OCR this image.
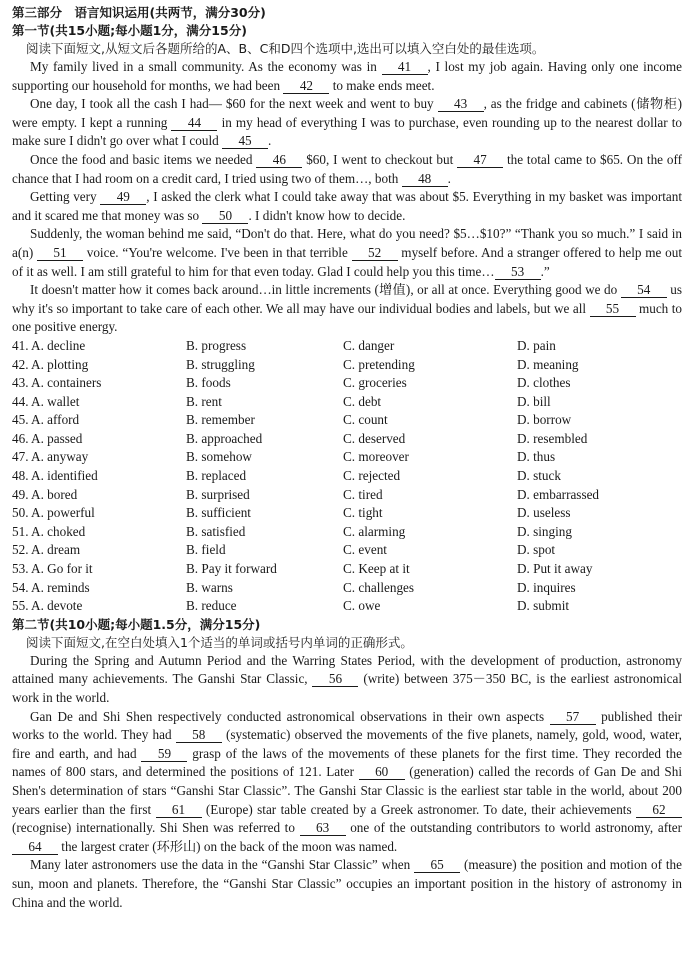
第三部分　语言知识运用(共两节，满分30分)
第一节(共15小题;每小题1分，满分15分)
阅读下面短文,从短文后各题所给的A、B、C和D四个选项中,选出可以填入空白处的最佳选项。

My family lived in a small community. As the economy was in 41 , I lost my job again. Having only one income supporting our household for months, we had been 42 to make ends meet.

One day, I took all the cash I had— $60 for the next week and went to buy 43 , as the fridge and cabinets (储物柜) were empty. I kept a running 44 in my head of everything I was to purchase, even rounding up to the nearest dollar to make sure I didn't go over what I could 45 .

Once the food and basic items we needed 46 $60, I went to checkout but 47 the total came to $65. On the off chance that I had room on a credit card, I tried using two of them…, both 48 .

Getting very 49 , I asked the clerk what I could take away that was about $5. Everything in my basket was important and it scared me that money was so 50 . I didn't know how to decide.

Suddenly, the woman behind me said, “Don't do that. Here, what do you need? $5…$10?” “Thank you so much.” I said in a(n) 51 voice. “You're welcome. I've been in that terrible 52 myself before. And a stranger offered to help me out of it as well. I am still grateful to him for that even today. Glad I could help you this time… 53 .”

It doesn't matter how it comes back around…in little increments (增值), or all at once. Everything good we do 54 us why it's so important to take care of each other. We all may have our individual bodies and labels, but we all 55 much to one positive energy.

41. A. decline	B. progress	C. danger	D. pain
42. A. plotting	B. struggling	C. pretending	D. meaning
43. A. containers	B. foods	C. groceries	D. clothes
44. A. wallet	B. rent	C. debt	D. bill
45. A. afford	B. remember	C. count	D. borrow
46. A. passed	B. approached	C. deserved	D. resembled
47. A. anyway	B. somehow	C. moreover	D. thus
48. A. identified	B. replaced	C. rejected	D. stuck
49. A. bored	B. surprised	C. tired	D. embarrassed
50. A. powerful	B. sufficient	C. tight	D. useless
51. A. choked	B. satisfied	C. alarming	D. singing
52. A. dream	B. field	C. event	D. spot
53. A. Go for it	B. Pay it forward	C. Keep at it	D. Put it away
54. A. reminds	B. warns	C. challenges	D. inquires
55. A. devote	B. reduce	C. owe	D. submit
第二节(共10小题;每小题1.5分，满分15分)
阅读下面短文,在空白处填入1个适当的单词或括号内单词的正确形式。

During the Spring and Autumn Period and the Warring States Period, with the development of production, astronomy attained many achievements. The Ganshi Star Classic, 56 (write) between 375－350 BC, is the earliest astronomical work in the world.

Gan De and Shi Shen respectively conducted astronomical observations in their own aspects 57 published their works to the world. They had 58 (systematic) observed the movements of the five planets, namely, gold, wood, water, fire and earth, and had 59 grasp of the laws of the movements of these planets for the first time. They recorded the names of 800 stars, and determined the positions of 121. Later 60 (generation) called the records of Gan De and Shi Shen's determination of stars “Ganshi Star Classic”. The Ganshi Star Classic is the earliest star table in the world, about 200 years earlier than the first 61 (Europe) star table created by a Greek astronomer. To date, their achievements 62 (recognise) internationally. Shi Shen was referred to 63 one of the outstanding contributors to world astronomy, after 64 the largest crater (环形山) on the back of the moon was named.

Many later astronomers use the data in the “Ganshi Star Classic” when 65 (measure) the position and motion of the sun, moon and planets. Therefore, the “Ganshi Star Classic” occupies an important position in the history of astronomy in China and the world.
